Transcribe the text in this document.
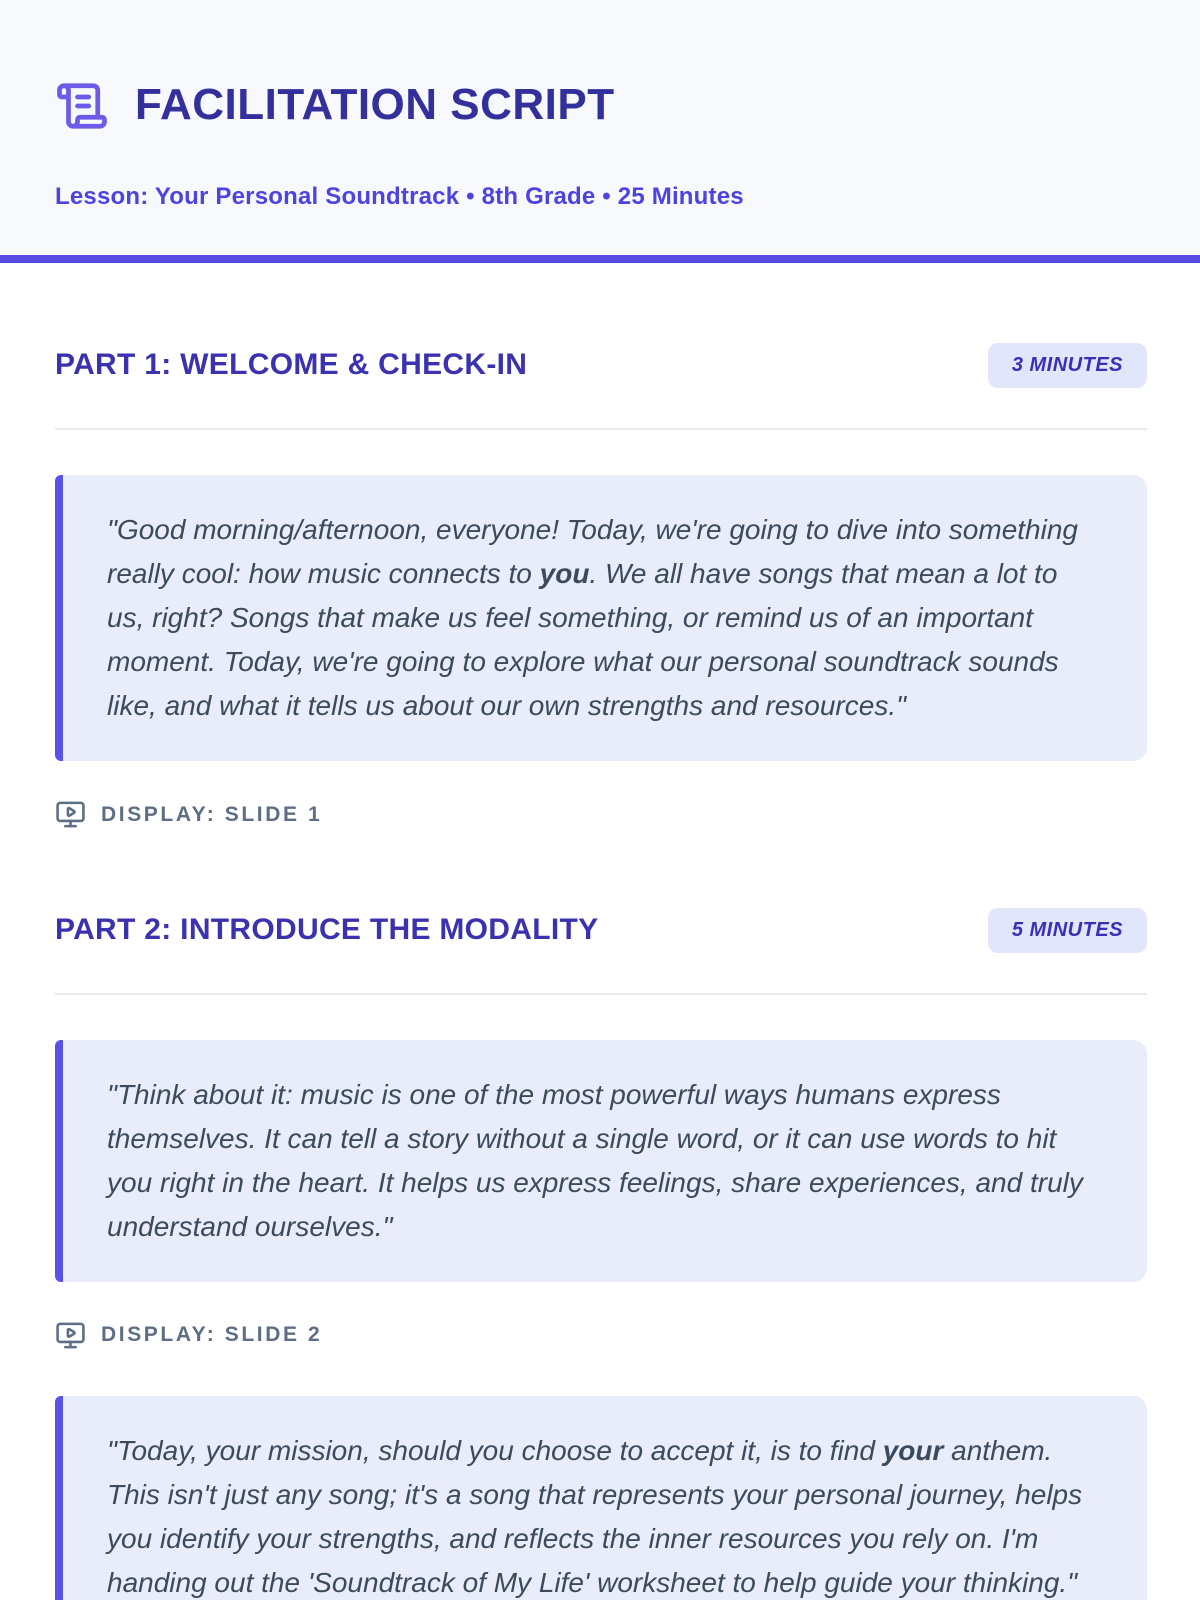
FACILITATION SCRIPT
Lesson: Your Personal Soundtrack • 8th Grade • 25 Minutes
PART 1: WELCOME & CHECK-IN	3 MINUTES

"Good morning/afternoon, everyone! Today, we're going to dive into something really cool: how music connects to you. We all have songs that mean a lot to us, right? Songs that make us feel something, or remind us of an important moment. Today, we're going to explore what our personal soundtrack sounds like, and what it tells us about our own strengths and resources."

DISPLAY: SLIDE 1
PART 2: INTRODUCE THE MODALITY	5 MINUTES

"Think about it: music is one of the most powerful ways humans express themselves. It can tell a story without a single word, or it can use words to hit you right in the heart. It helps us express feelings, share experiences, and truly understand ourselves."

DISPLAY: SLIDE 2

"Today, your mission, should you choose to accept it, is to find your anthem. This isn't just any song; it's a song that represents your personal journey, helps you identify your strengths, and reflects the inner resources you rely on. I'm handing out the 'Soundtrack of My Life' worksheet to help guide your thinking."
